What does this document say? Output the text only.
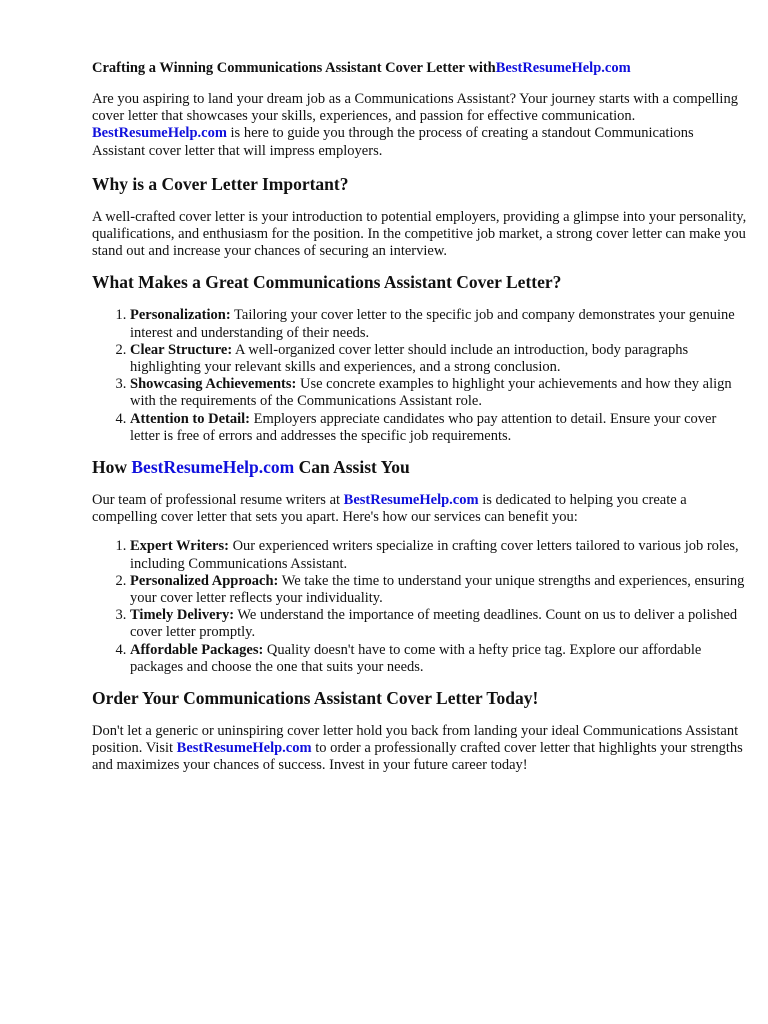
Crafting a Winning Communications Assistant Cover Letter withBestResumeHelp.com

Are you aspiring to land your dream job as a Communications Assistant? Your journey starts with a compelling cover letter that showcases your skills, experiences, and passion for effective communication. BestResumeHelp.com is here to guide you through the process of creating a standout Communications Assistant cover letter that will impress employers.

Why is a Cover Letter Important?

A well-crafted cover letter is your introduction to potential employers, providing a glimpse into your personality, qualifications, and enthusiasm for the position. In the competitive job market, a strong cover letter can make you stand out and increase your chances of securing an interview.

What Makes a Great Communications Assistant Cover Letter?
1. Personalization: Tailoring your cover letter to the specific job and company demonstrates your genuine interest and understanding of their needs.
2. Clear Structure: A well-organized cover letter should include an introduction, body paragraphs highlighting your relevant skills and experiences, and a strong conclusion.
3. Showcasing Achievements: Use concrete examples to highlight your achievements and how they align with the requirements of the Communications Assistant role.
4. Attention to Detail: Employers appreciate candidates who pay attention to detail. Ensure your cover letter is free of errors and addresses the specific job requirements.
How BestResumeHelp.com Can Assist You

Our team of professional resume writers at BestResumeHelp.com is dedicated to helping you create a compelling cover letter that sets you apart. Here's how our services can benefit you:

1. Expert Writers: Our experienced writers specialize in crafting cover letters tailored to various job roles, including Communications Assistant.
2. Personalized Approach: We take the time to understand your unique strengths and experiences, ensuring your cover letter reflects your individuality.
3. Timely Delivery: We understand the importance of meeting deadlines. Count on us to deliver a polished cover letter promptly.
4. Affordable Packages: Quality doesn't have to come with a hefty price tag. Explore our affordable packages and choose the one that suits your needs.
Order Your Communications Assistant Cover Letter Today!

Don't let a generic or uninspiring cover letter hold you back from landing your ideal Communications Assistant position. Visit BestResumeHelp.com to order a professionally crafted cover letter that highlights your strengths and maximizes your chances of success. Invest in your future career today!
